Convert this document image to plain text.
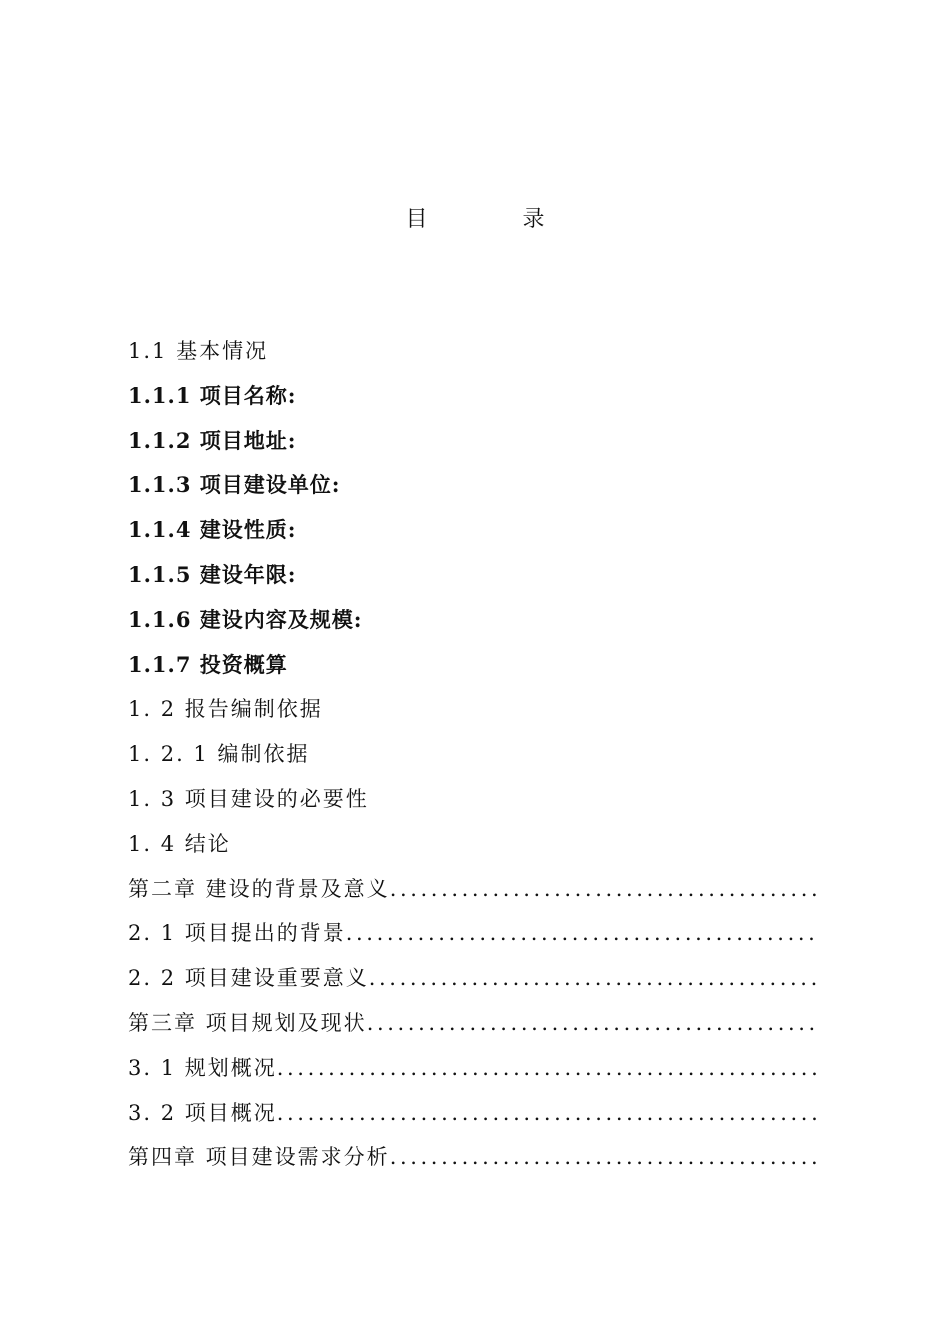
目 录
1.1 基本情况
1.1.1 项目名称:
1.1.2 项目地址:
1.1.3 项目建设单位:
1.1.4 建设性质:
1.1.5 建设年限:
1.1.6 建设内容及规模:
1.1.7 投资概算
1. 2 报告编制依据
1. 2. 1 编制依据
1. 3 项目建设的必要性
1. 4 结论
第二章 建设的背景及意义
.....
2. 1 项目提出的背景
.....
2. 2 项目建设重要意义
.....
第三章 项目规划及现状
.....
3. 1 规划概况
.....
3. 2 项目概况
.....
第四章 项目建设需求分析
.....
